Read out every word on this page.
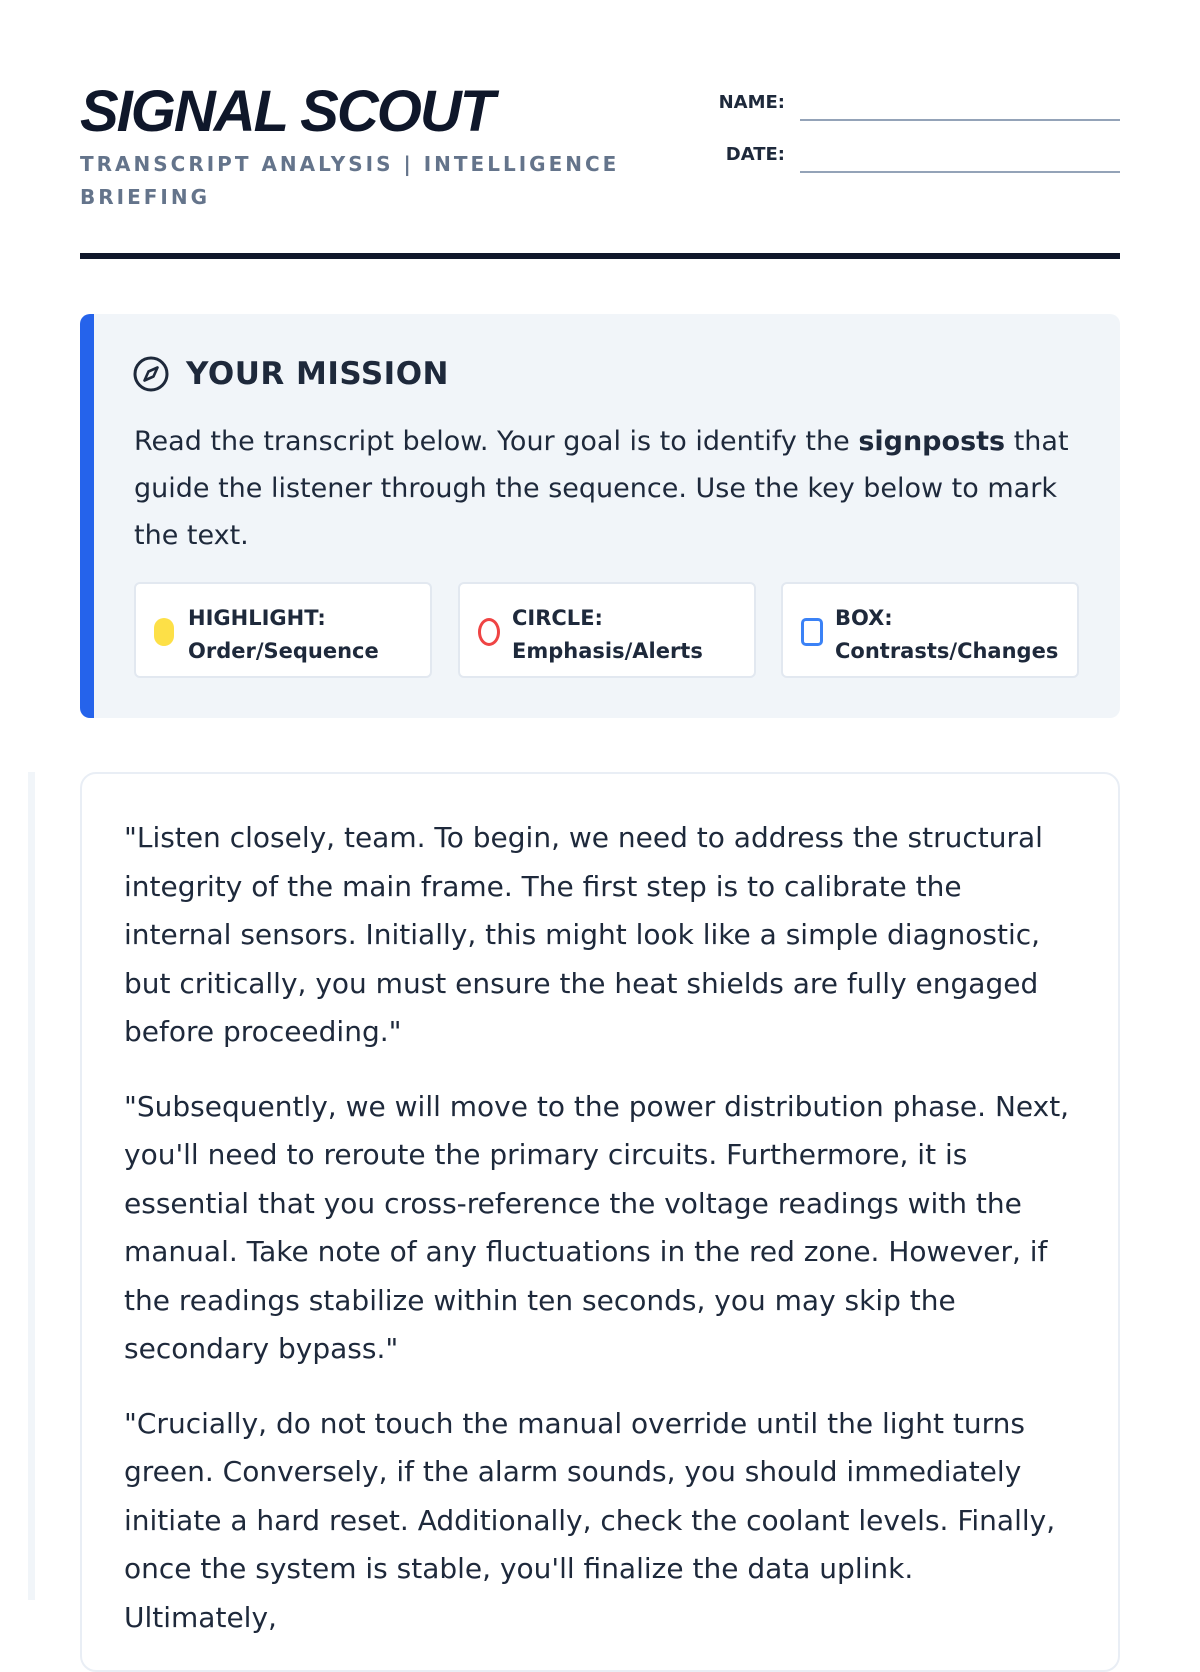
SIGNAL SCOUT
TRANSCRIPT ANALYSIS | INTELLIGENCE BRIEFING
NAME:
DATE:
YOUR MISSION
Read the transcript below. Your goal is to identify the signposts that guide the listener through the sequence. Use the key below to mark the text.
HIGHLIGHT:
Order/Sequence
CIRCLE:
Emphasis/Alerts
BOX:
Contrasts/Changes

"Listen closely, team. To begin, we need to address the structural integrity of the main frame. The first step is to calibrate the internal sensors. Initially, this might look like a simple diagnostic, but critically, you must ensure the heat shields are fully engaged before proceeding."

"Subsequently, we will move to the power distribution phase. Next, you'll need to reroute the primary circuits. Furthermore, it is essential that you cross-reference the voltage readings with the manual. Take note of any fluctuations in the red zone. However, if the readings stabilize within ten seconds, you may skip the secondary bypass."

"Crucially, do not touch the manual override until the light turns green. Conversely, if the alarm sounds, you should immediately initiate a hard reset. Additionally, check the coolant levels. Finally, once the system is stable, you'll finalize the data uplink. Ultimately,
